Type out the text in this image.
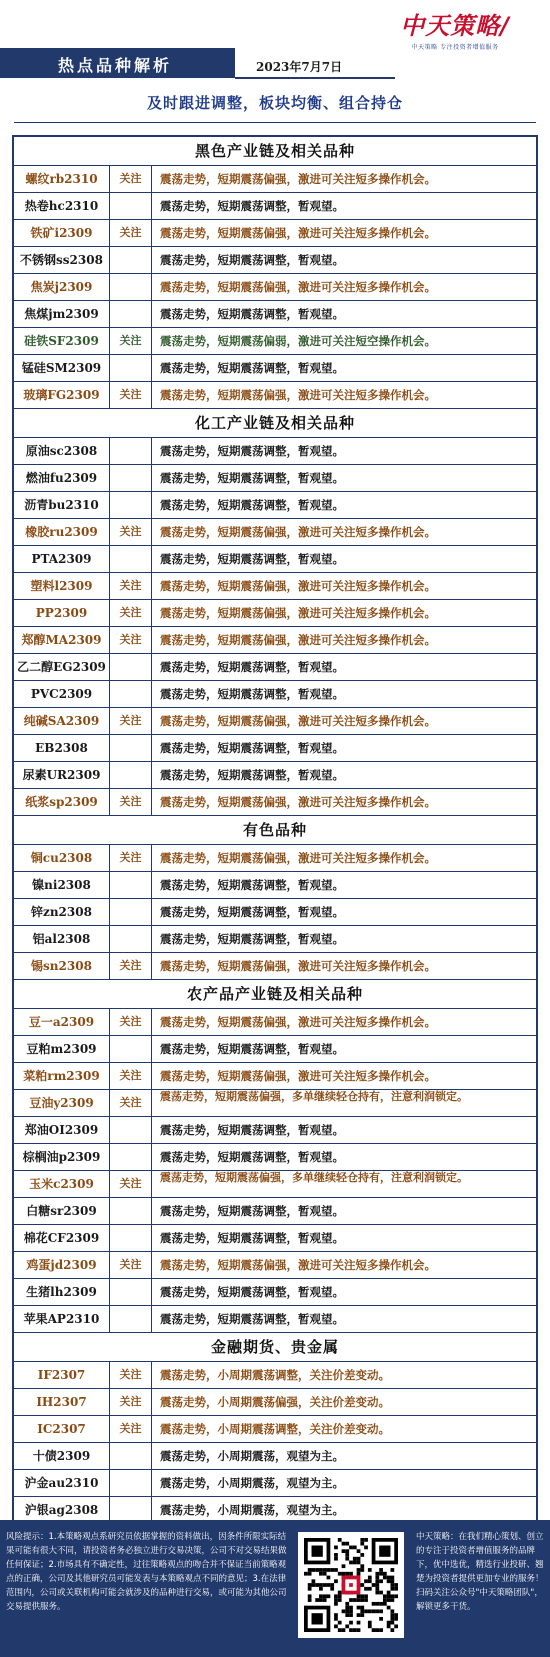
中天策略/
中天策略 专注投资者增值服务
热点品种解析	2023年7月7日
及时跟进调整，板块均衡、组合持仓
黑色产业链及相关品种
螺纹rb2310	关注	震荡走势，短期震荡偏强，激进可关注短多操作机会。
热卷hc2310	震荡走势，短期震荡调整，暂观望。
铁矿i2309	关注	震荡走势，短期震荡偏强，激进可关注短多操作机会。
不锈钢ss2308	震荡走势，短期震荡调整，暂观望。
焦炭j2309	震荡走势，短期震荡偏强，激进可关注短多操作机会。
焦煤jm2309	震荡走势，短期震荡调整，暂观望。
硅铁SF2309	关注	震荡走势，短期震荡偏弱，激进可关注短空操作机会。
锰硅SM2309	震荡走势，短期震荡调整，暂观望。
玻璃FG2309	关注	震荡走势，短期震荡偏强，激进可关注短多操作机会。
化工产业链及相关品种
原油sc2308	震荡走势，短期震荡调整，暂观望。
燃油fu2309	震荡走势，短期震荡调整，暂观望。
沥青bu2310	震荡走势，短期震荡调整，暂观望。
橡胶ru2309	关注	震荡走势，短期震荡偏强，激进可关注短多操作机会。
PTA2309	震荡走势，短期震荡调整，暂观望。
塑料l2309	关注	震荡走势，短期震荡偏强，激进可关注短多操作机会。
PP2309	关注	震荡走势，短期震荡偏强，激进可关注短多操作机会。
郑醇MA2309	关注	震荡走势，短期震荡偏强，激进可关注短多操作机会。
乙二醇EG2309	震荡走势，短期震荡调整，暂观望。
PVC2309	震荡走势，短期震荡调整，暂观望。
纯碱SA2309	关注	震荡走势，短期震荡偏强，激进可关注短多操作机会。
EB2308	震荡走势，短期震荡调整，暂观望。
尿素UR2309	震荡走势，短期震荡调整，暂观望。
纸浆sp2309	关注	震荡走势，短期震荡偏强，激进可关注短多操作机会。
有色品种
铜cu2308	关注	震荡走势，短期震荡偏强，激进可关注短多操作机会。
镍ni2308	震荡走势，短期震荡调整，暂观望。
锌zn2308	震荡走势，短期震荡调整，暂观望。
铝al2308	震荡走势，短期震荡调整，暂观望。
锡sn2308	关注	震荡走势，短期震荡偏强，激进可关注短多操作机会。
农产品产业链及相关品种
豆一a2309	关注	震荡走势，短期震荡偏强，激进可关注短多操作机会。
豆粕m2309	震荡走势，短期震荡调整，暂观望。
菜粕rm2309	关注	震荡走势，短期震荡偏强，激进可关注短多操作机会。
豆油y2309	关注	震荡走势，短期震荡偏强，多单继续轻仓持有，注意利润锁定。
郑油OI2309	震荡走势，短期震荡调整，暂观望。
棕榈油p2309	震荡走势，短期震荡调整，暂观望。
玉米c2309	关注	震荡走势，短期震荡偏强，多单继续轻仓持有，注意利润锁定。
白糖sr2309	震荡走势，短期震荡调整，暂观望。
棉花CF2309	震荡走势，短期震荡调整，暂观望。
鸡蛋jd2309	关注	震荡走势，短期震荡偏强，激进可关注短多操作机会。
生猪lh2309	震荡走势，短期震荡调整，暂观望。
苹果AP2310	震荡走势，短期震荡调整，暂观望。
金融期货、贵金属
IF2307	关注	震荡走势，小周期震荡调整，关注价差变动。
IH2307	关注	震荡走势，小周期震荡偏强，关注价差变动。
IC2307	关注	震荡走势，小周期震荡调整，关注价差变动。
十债2309	震荡走势，小周期震荡，观望为主。
沪金au2310	震荡走势，小周期震荡，观望为主。
沪银ag2308	震荡走势，小周期震荡，观望为主。
风险提示：1.本策略观点系研究员依据掌握的资料做出，因条件所限实际结果可能有很大不同，请投资者务必独立进行交易决策，公司不对交易结果做任何保证；2.市场具有不确定性，过往策略观点的吻合并不保证当前策略观点的正确，公司及其他研究员可能发表与本策略观点不同的意见；3.在法律范围内，公司或关联机构可能会就涉及的品种进行交易，或可能为其他公司交易提供服务。
中天策略：在我们精心策划、创立的专注于投资者增值服务的品牌下，优中选优，精选行业投研、翘楚为投资者提供更加专业的服务！扫码关注公众号"中天策略团队"，解锁更多干货。
